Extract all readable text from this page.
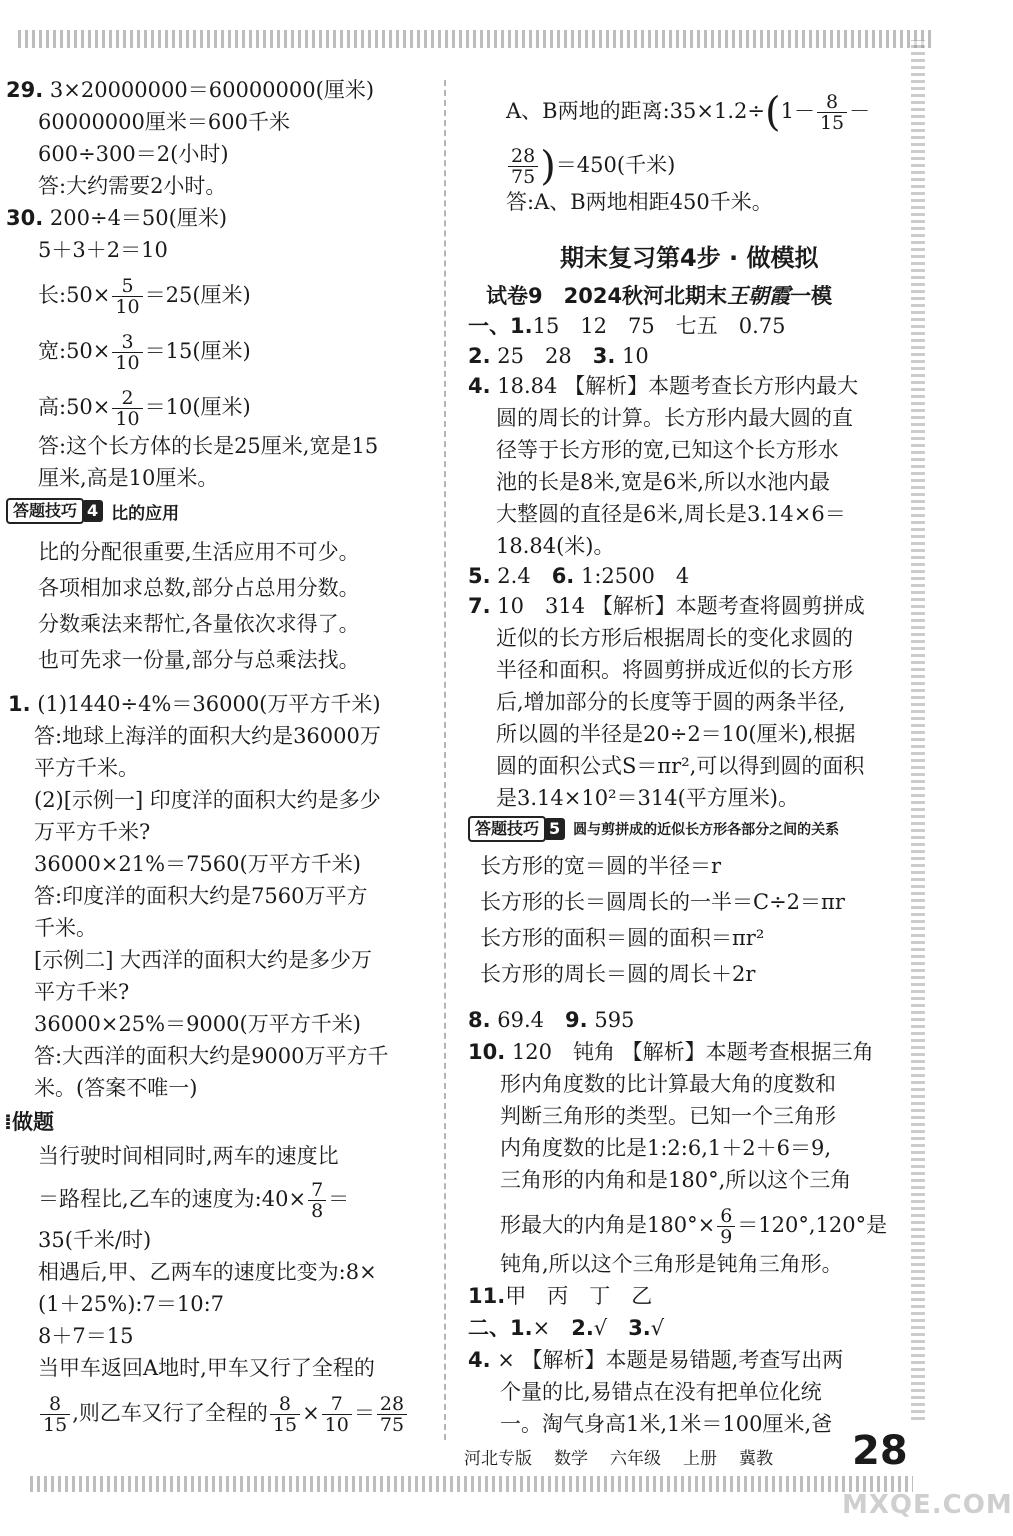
29. 3×20000000＝60000000(厘米)
60000000厘米＝600千米
600÷300＝2(小时)
答:大约需要2小时。
30. 200÷4＝50(厘米)
5＋3＋2＝10
长:50× $\frac{5}{10} =25$(厘米)
宽:50× $\frac{3}{10} =15$(厘米)
高:50× $\frac{2}{10} =10$(厘米)
答:这个长方体的长是25厘米,宽是15
厘米,高是10厘米。
答题技巧 4 比的应用
比的分配很重要,生活应用不可少。
各项相加求总数,部分占总用分数。
分数乘法来帮忙,各量依次求得了。
也可先求一份量,部分与总乘法找。
1. (1)1440÷4%＝36000(万平方千米)
答:地球上海洋的面积大约是36000万
平方千米。
(2)[示例一] 印度洋的面积大约是多少
万平方千米?
36000×21%＝7560(万平方千米)
答:印度洋的面积大约是7560万平方
千米。
[示例二] 大西洋的面积大约是多少万
平方千米?
36000×25%＝9000(万平方千米)
答:大西洋的面积大约是9000万平方千
米。(答案不唯一)
⁞做题
当行驶时间相同时,两车的速度比
＝路程比,乙车的速度为:40× $\frac{7}{8}$ ＝
35(千米/时)
相遇后,甲、乙两车的速度比变为:8×
(1＋25%):7＝10:7
8＋7＝15
当甲车返回A地时,甲车又行了全程的
$\frac{8}{15}$ ,则乙车又行了全程的 $\frac{8}{15} \times \frac{7}{10} = \frac{28}{75}$
A、B两地的距离:35×1.2÷(1－ $\frac{8}{15}$ －
$\frac{28}{75} )=450$(千米)
答:A、B两地相距450千米。
期末复习第4步 · 做模拟
试卷9　2024秋河北期末王朝霞一模
一、1.15　12　75　七五　0.75
2. 25　28　 3. 10
4. 18.84 【解析】本题考查长方形内最大
圆的周长的计算。长方形内最大圆的直
径等于长方形的宽,已知这个长方形水
池的长是8米,宽是6米,所以水池内最
大整圆的直径是6米,周长是3.14×6＝
18.84(米)。
5. 2.4　 6. 1:2500　4
7. 10　314 【解析】本题考查将圆剪拼成
近似的长方形后根据周长的变化求圆的
半径和面积。将圆剪拼成近似的长方形
后,增加部分的长度等于圆的两条半径,
所以圆的半径是20÷2＝10(厘米),根据
圆的面积公式S＝πr²,可以得到圆的面积
是3.14×10²＝314(平方厘米)。
答题技巧 5 圆与剪拼成的近似长方形各部分之间的关系
长方形的宽＝圆的半径＝r
长方形的长＝圆周长的一半＝C÷2＝πr
长方形的面积＝圆的面积＝πr²
长方形的周长＝圆的周长＋2r
8. 69.4　 9. 595
10. 120　钝角 【解析】本题考查根据三角
形内角度数的比计算最大角的度数和
判断三角形的类型。已知一个三角形
内角度数的比是1:2:6,1＋2＋6＝9,
三角形的内角和是180°,所以这个三角
形最大的内角是$180^\circ\times \frac{6}{9} =120^\circ,120^\circ$是
钝角,所以这个三角形是钝角三角形。
11.甲　丙　丁　乙
二、1.×　 2.√　 3.√
4. × 【解析】本题是易错题,考查写出两
个量的比,易错点在没有把单位化统
一。淘气身高1米,1米＝100厘米,爸
河北专版 数学 六年级 上册 冀教	28
MXQE.COM
